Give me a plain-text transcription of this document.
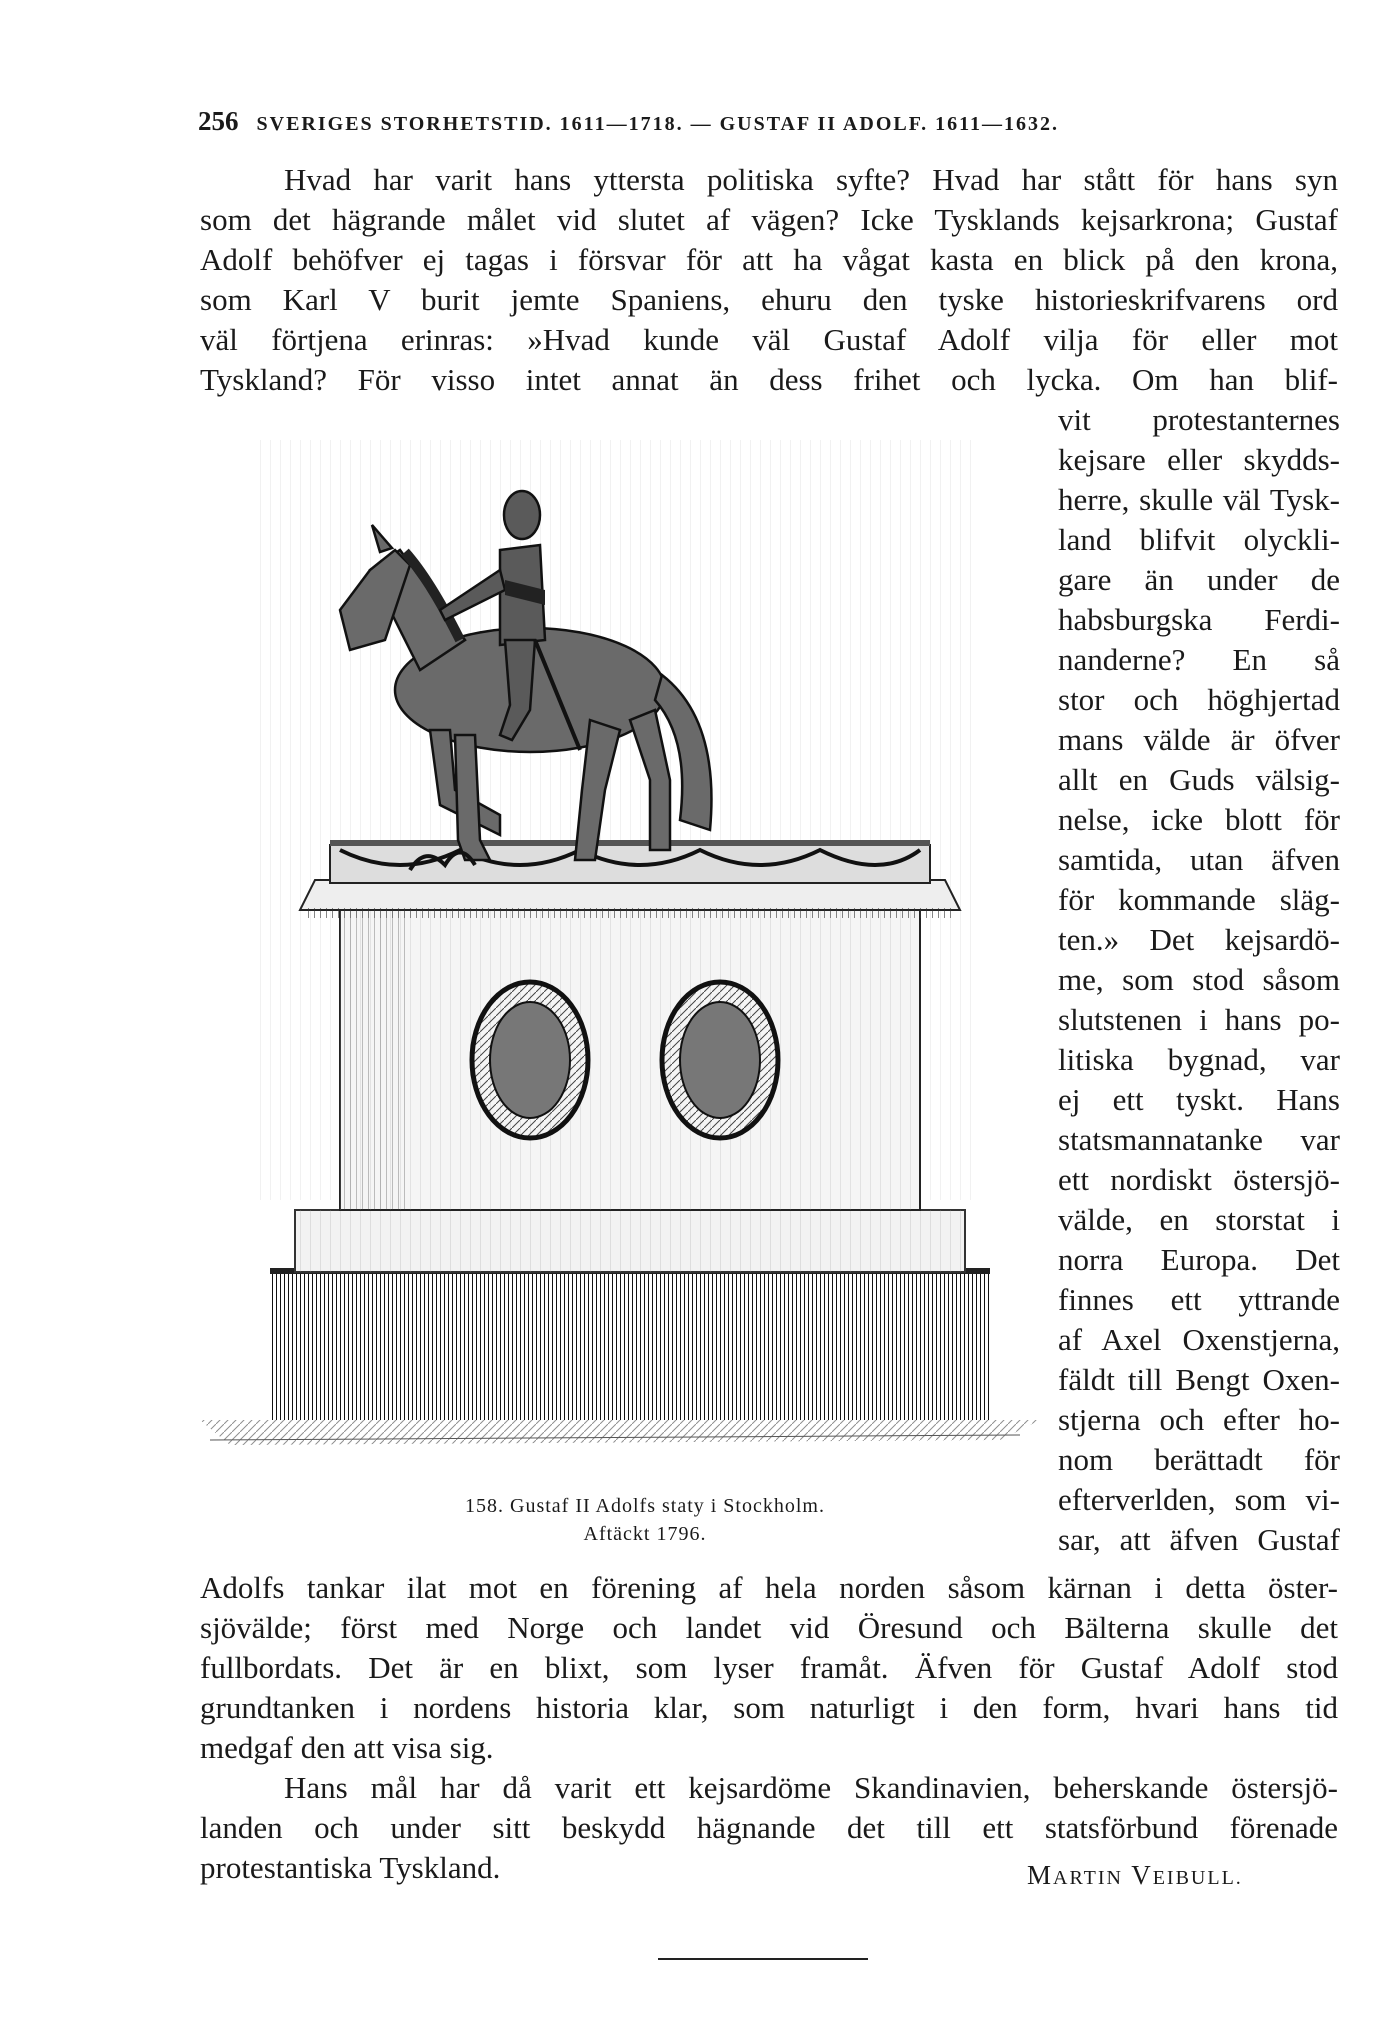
256 SVERIGES STORHETSTID. 1611—1718. — GUSTAF II ADOLF. 1611—1632.
Hvad har varit hans yttersta politiska syfte? Hvad har stått för hans syn
som det hägrande målet vid slutet af vägen? Icke Tysklands kejsarkrona; Gustaf
Adolf behöfver ej tagas i försvar för att ha vågat kasta en blick på den krona,
som Karl V burit jemte Spaniens, ehuru den tyske historieskrifvarens ord
väl förtjena erinras: »Hvad kunde väl Gustaf Adolf vilja för eller mot
Tyskland? För visso intet annat än dess frihet och lycka. Om han blif-
vit protestanternes
kejsare eller skydds-
herre, skulle väl Tysk-
land blifvit olyckli-
gare än under de
habsburgska Ferdi-
nanderne? En så
stor och höghjertad
mans välde är öfver
allt en Guds välsig-
nelse, icke blott för
samtida, utan äfven
för kommande släg-
ten.» Det kejsardö-
me, som stod såsom
slutstenen i hans po-
litiska bygnad, var
ej ett tyskt. Hans
statsmannatanke var
ett nordiskt östersjö-
välde, en storstat i
norra Europa. Det
finnes ett yttrande
af Axel Oxenstjerna,
fäldt till Bengt Oxen-
stjerna och efter ho-
nom berättadt för
efterverlden, som vi-
sar, att äfven Gustaf
158. Gustaf II Adolfs staty i Stockholm.
Aftäckt 1796.
Adolfs tankar ilat mot en förening af hela norden såsom kärnan i detta öster-
sjövälde; först med Norge och landet vid Öresund och Bälterna skulle det
fullbordats. Det är en blixt, som lyser framåt. Äfven för Gustaf Adolf stod
grundtanken i nordens historia klar, som naturligt i den form, hvari hans tid
medgaf den att visa sig.
Hans mål har då varit ett kejsardöme Skandinavien, beherskande östersjö-
landen och under sitt beskydd hägnande det till ett statsförbund förenade
protestantiska Tyskland.	MARTIN VEIBULL.
